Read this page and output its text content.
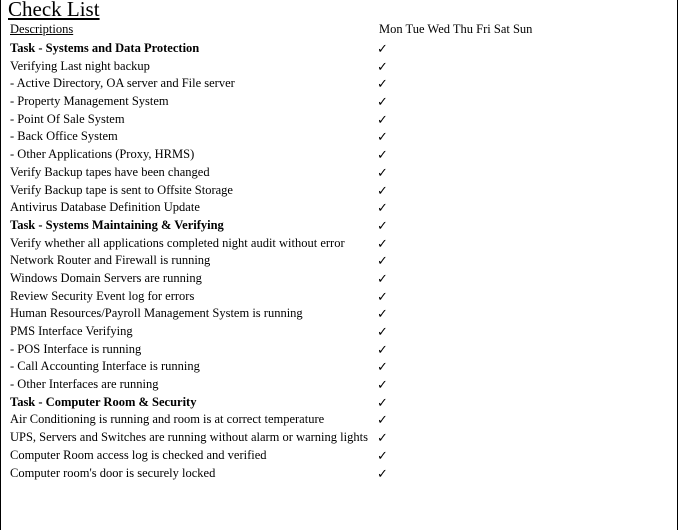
Check List
Descriptions	Mon Tue Wed Thu Fri Sat Sun
Task - Systems and Data Protection	✓
Verifying Last night backup	✓
- Active Directory, OA server and File server	✓
- Property Management System	✓
- Point Of Sale System	✓
- Back Office System	✓
- Other Applications (Proxy, HRMS)	✓
Verify Backup tapes have been changed	✓
Verify Backup tape is sent to Offsite Storage	✓
Antivirus Database Definition Update	✓
Task - Systems Maintaining & Verifying	✓
Verify whether all applications completed night audit without error ✓
Network Router and Firewall is running	✓
Windows Domain Servers are running	✓
Review Security Event log for errors	✓
Human Resources/Payroll Management System is running	✓
PMS Interface Verifying	✓
- POS Interface is running	✓
- Call Accounting Interface is running	✓
- Other Interfaces are running	✓
Task - Computer Room & Security	✓
Air Conditioning is running and room is at correct temperature	✓
UPS, Servers and Switches are running without alarm or warning lights ✓
Computer Room access log is checked and verified	✓
Computer room's door is securely locked	✓
